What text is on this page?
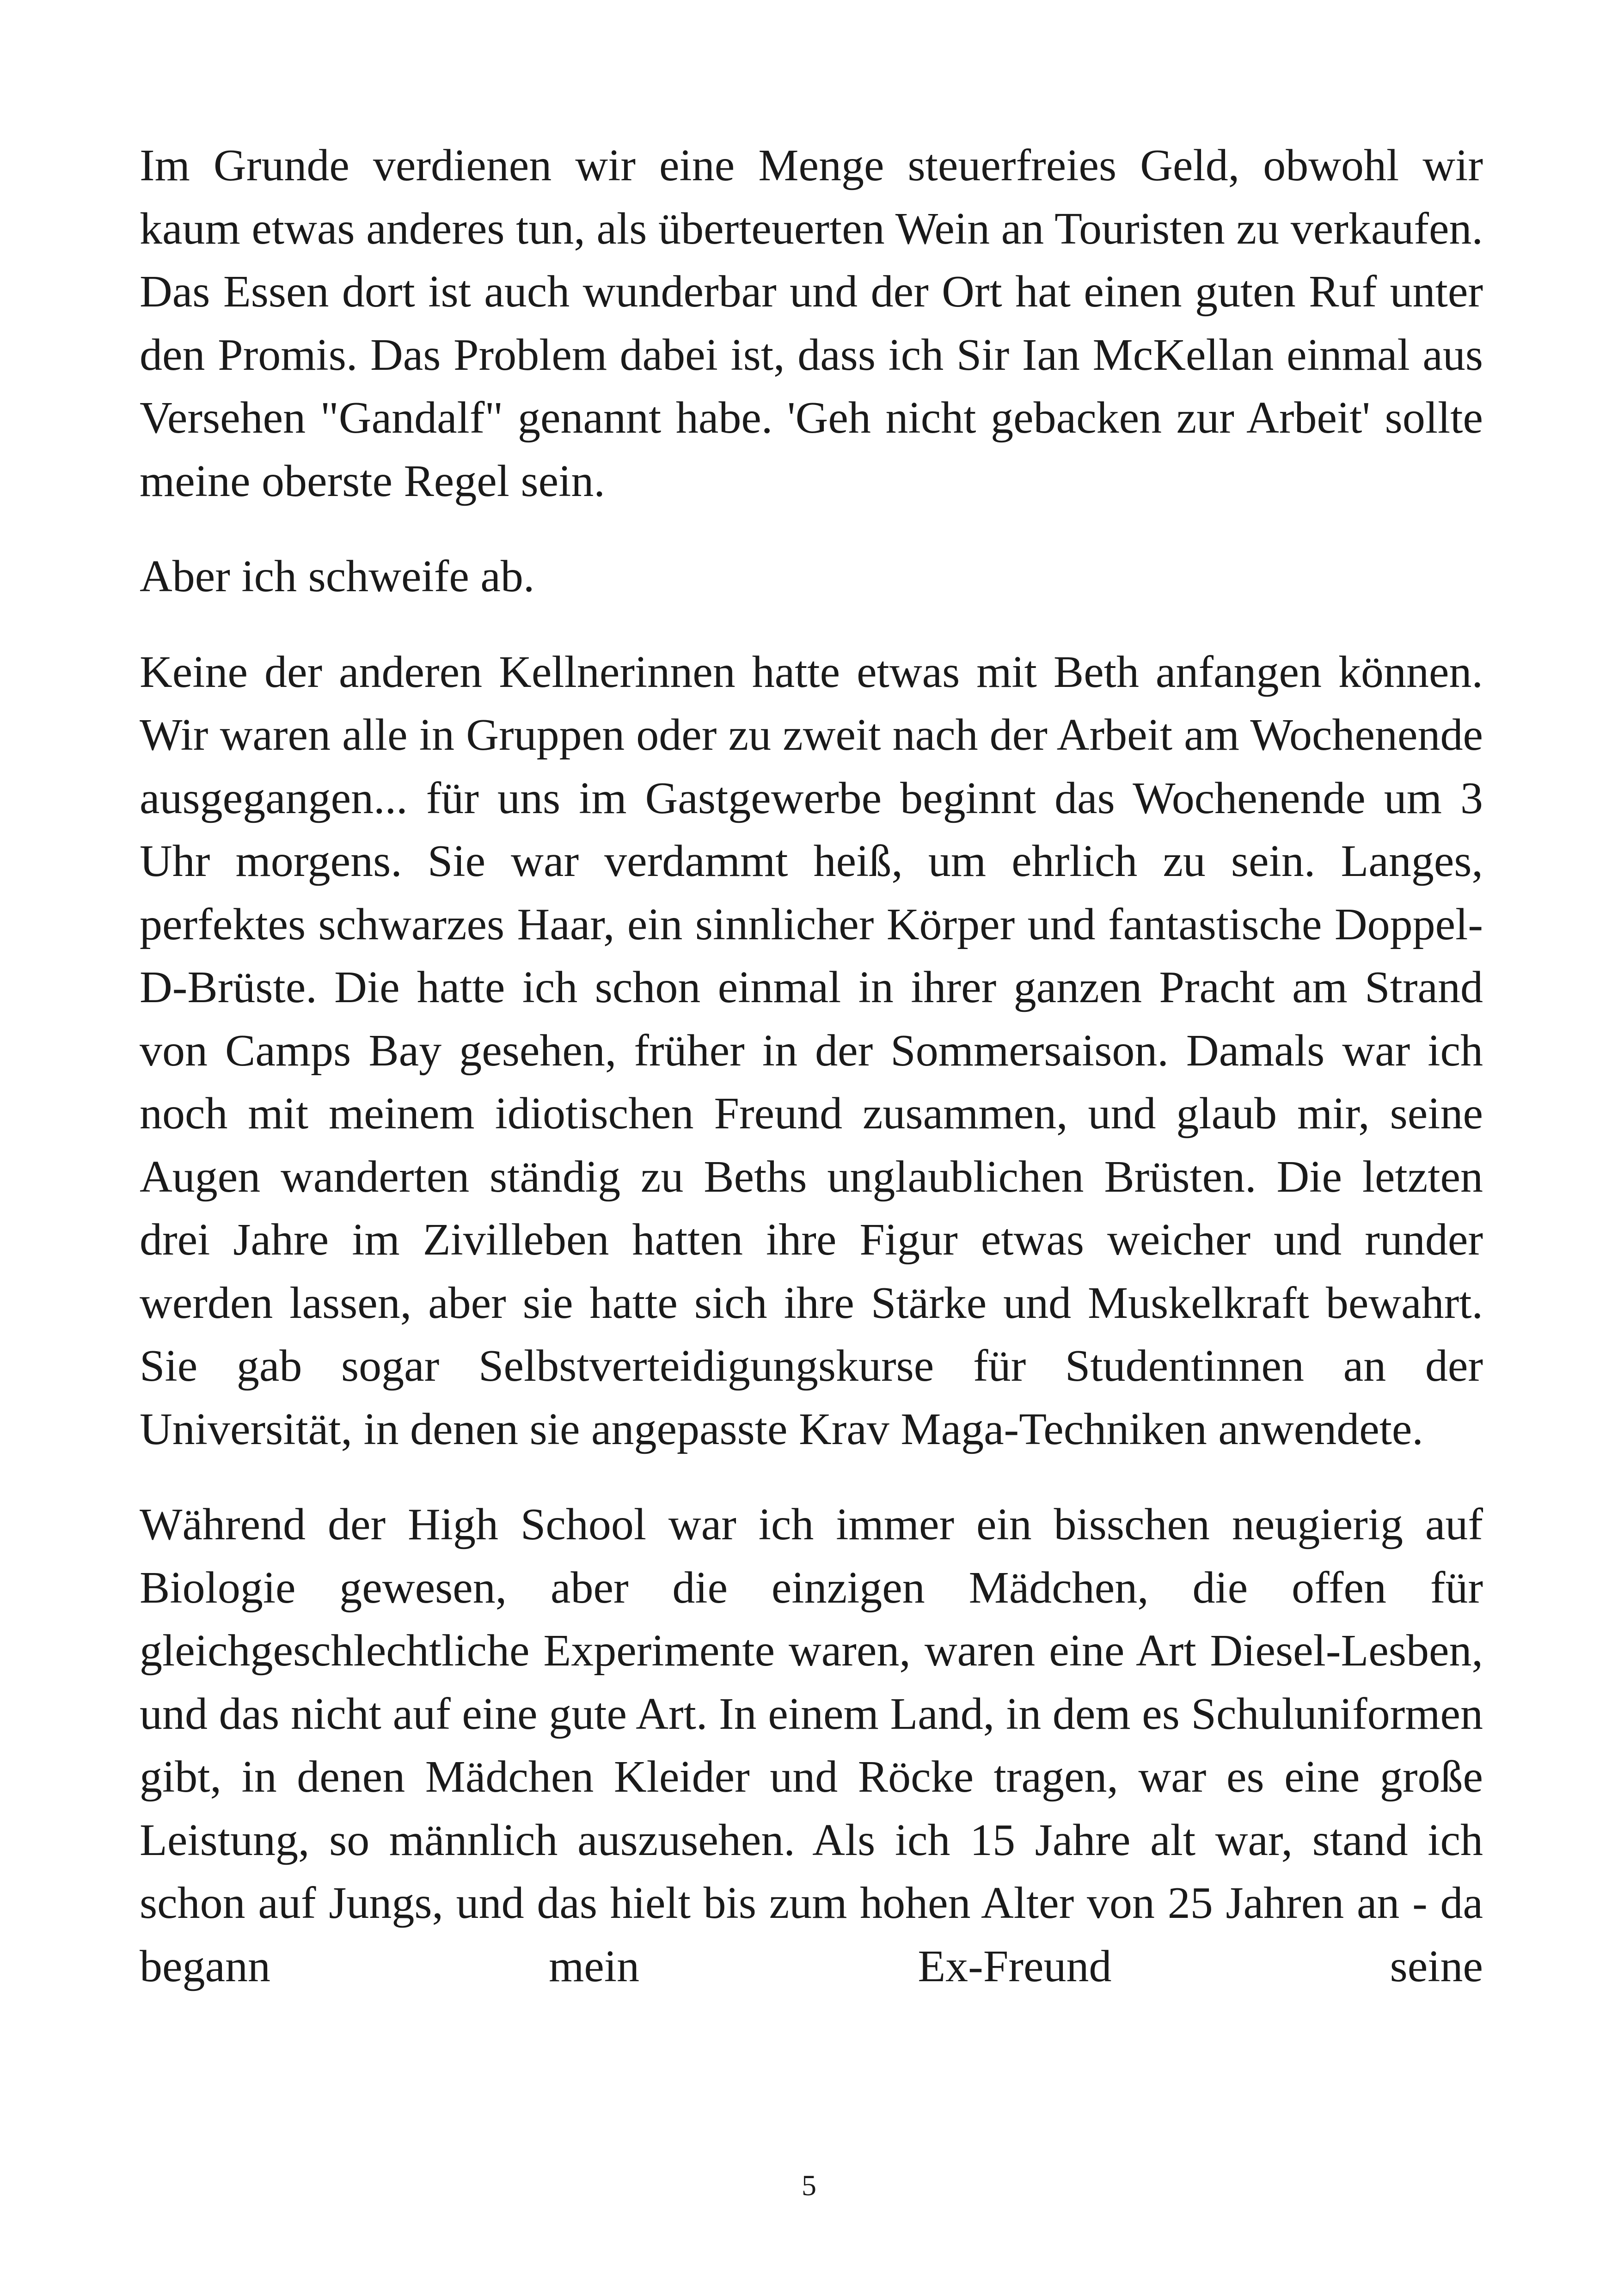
Im Grunde verdienen wir eine Menge steuerfreies Geld, obwohl wir kaum etwas anderes tun, als überteuerten Wein an Touristen zu verkaufen. Das Essen dort ist auch wunderbar und der Ort hat einen guten Ruf unter den Promis. Das Problem dabei ist, dass ich Sir Ian McKellan einmal aus Versehen "Gandalf" genannt habe. 'Geh nicht gebacken zur Arbeit' sollte meine oberste Regel sein.

Aber ich schweife ab.

Keine der anderen Kellnerinnen hatte etwas mit Beth anfangen können. Wir waren alle in Gruppen oder zu zweit nach der Arbeit am Wochenende ausgegangen... für uns im Gastgewerbe beginnt das Wochenende um 3 Uhr morgens. Sie war verdammt heiß, um ehrlich zu sein. Langes, perfektes schwarzes Haar, ein sinnlicher Körper und fantastische Doppel-D-Brüste. Die hatte ich schon einmal in ihrer ganzen Pracht am Strand von Camps Bay gesehen, früher in der Sommersaison. Damals war ich noch mit meinem idiotischen Freund zusammen, und glaub mir, seine Augen wanderten ständig zu Beths unglaublichen Brüsten. Die letzten drei Jahre im Zivilleben hatten ihre Figur etwas weicher und runder werden lassen, aber sie hatte sich ihre Stärke und Muskelkraft bewahrt. Sie gab sogar Selbstverteidigungskurse für Studentinnen an der Universität, in denen sie angepasste Krav Maga-Techniken anwendete.

Während der High School war ich immer ein bisschen neugierig auf Biologie gewesen, aber die einzigen Mädchen, die offen für gleichgeschlechtliche Experimente waren, waren eine Art Diesel-Lesben, und das nicht auf eine gute Art. In einem Land, in dem es Schuluniformen gibt, in denen Mädchen Kleider und Röcke tragen, war es eine große Leistung, so männlich auszusehen. Als ich 15 Jahre alt war, stand ich schon auf Jungs, und das hielt bis zum hohen Alter von 25 Jahren an - da begann mein Ex-Freund seine

5
